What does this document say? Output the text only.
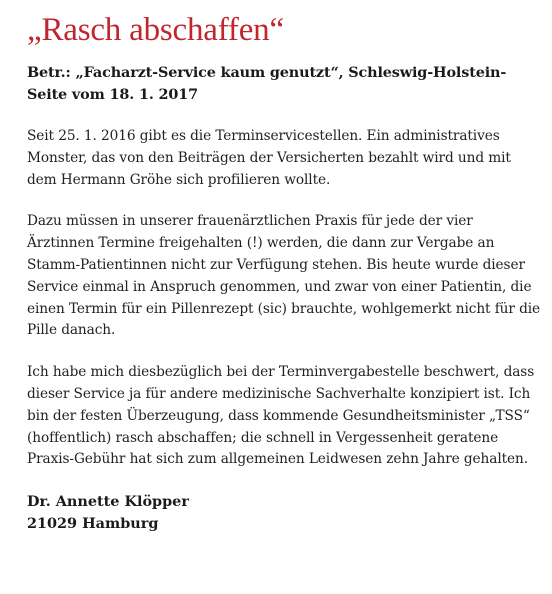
„Rasch abschaffen“

Betr.: „Facharzt-Service kaum genutzt“, Schleswig-Holstein-Seite vom 18. 1. 2017

Seit 25. 1. 2016 gibt es die Terminservicestellen. Ein administratives Monster, das von den Beiträgen der Versicherten bezahlt wird und mit dem Hermann Gröhe sich profilieren wollte.

Dazu müssen in unserer frauenärztlichen Praxis für jede der vier Ärztinnen Termine freigehalten (!) werden, die dann zur Vergabe an Stamm-Patientinnen nicht zur Verfügung stehen. Bis heute wurde dieser Service einmal in Anspruch genommen, und zwar von einer Patientin, die einen Termin für ein Pillenrezept (sic) brauchte, wohlgemerkt nicht für die Pille danach.

Ich habe mich diesbezüglich bei der Terminvergabestelle beschwert, dass dieser Service ja für andere medizinische Sachverhalte konzipiert ist. Ich bin der festen Überzeugung, dass kommende Gesundheitsminister „TSS“ (hoffentlich) rasch abschaffen; die schnell in Vergessenheit geratene Praxis-Gebühr hat sich zum allgemeinen Leidwesen zehn Jahre gehalten.

Dr. Annette Klöpper
21029 Hamburg
